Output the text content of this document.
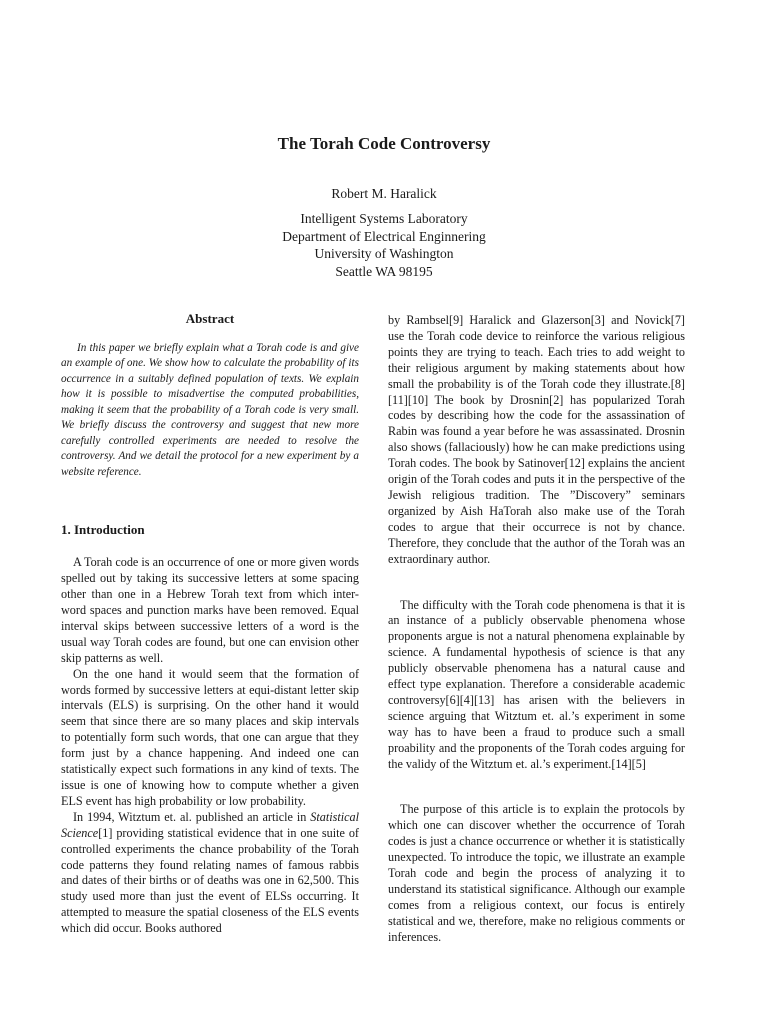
The Torah Code Controversy
Robert M. Haralick
Intelligent Systems Laboratory
Department of Electrical Enginnering
University of Washington
Seattle WA 98195
Abstract

In this paper we briefly explain what a Torah code is and give an example of one. We show how to calculate the probability of its occurrence in a suitably defined population of texts. We explain how it is possible to misadvertise the computed probabilities, making it seem that the probability of a Torah code is very small. We briefly discuss the controversy and suggest that new more carefully controlled experiments are needed to resolve the controversy. And we detail the protocol for a new experiment by a website reference.

1. Introduction

A Torah code is an occurrence of one or more given words spelled out by taking its successive letters at some spacing other than one in a Hebrew Torah text from which inter-word spaces and punction marks have been removed. Equal interval skips between successive letters of a word is the usual way Torah codes are found, but one can envision other skip patterns as well.

On the one hand it would seem that the formation of words formed by successive letters at equi-distant letter skip intervals (ELS) is surprising. On the other hand it would seem that since there are so many places and skip intervals to potentially form such words, that one can argue that they form just by a chance happening. And indeed one can statistically expect such formations in any kind of texts. The issue is one of knowing how to compute whether a given ELS event has high probability or low probability.

In 1994, Witztum et. al. published an article in Statistical Science[1] providing statistical evidence that in one suite of controlled experiments the chance probability of the Torah code patterns they found relating names of famous rabbis and dates of their births or of deaths was one in 62,500. This study used more than just the event of ELSs occurring. It attempted to measure the spatial closeness of the ELS events which did occur. Books authored

by Rambsel[9] Haralick and Glazerson[3] and Novick[7] use the Torah code device to reinforce the various religious points they are trying to teach. Each tries to add weight to their religious argument by making statements about how small the probability is of the Torah code they illustrate.[8][11][10] The book by Drosnin[2] has popularized Torah codes by describing how the code for the assassination of Rabin was found a year before he was assassinated. Drosnin also shows (fallaciously) how he can make predictions using Torah codes. The book by Satinover[12] explains the ancient origin of the Torah codes and puts it in the perspective of the Jewish religious tradition. The ”Discovery” seminars organized by Aish HaTorah also make use of the Torah codes to argue that their occurrece is not by chance. Therefore, they conclude that the author of the Torah was an extraordinary author.

The difficulty with the Torah code phenomena is that it is an instance of a publicly observable phenomena whose proponents argue is not a natural phenomena explainable by science. A fundamental hypothesis of science is that any publicly observable phenomena has a natural cause and effect type explanation. Therefore a considerable academic controversy[6][4][13] has arisen with the believers in science arguing that Witztum et. al.’s experiment in some way has to have been a fraud to produce such a small proability and the proponents of the Torah codes arguing for the validy of the Witztum et. al.’s experiment.[14][5]

The purpose of this article is to explain the protocols by which one can discover whether the occurrence of Torah codes is just a chance occurrence or whether it is statistically unexpected. To introduce the topic, we illustrate an example Torah code and begin the process of analyzing it to understand its statistical significance. Although our example comes from a religious context, our focus is entirely statistical and we, therefore, make no religious comments or inferences.
